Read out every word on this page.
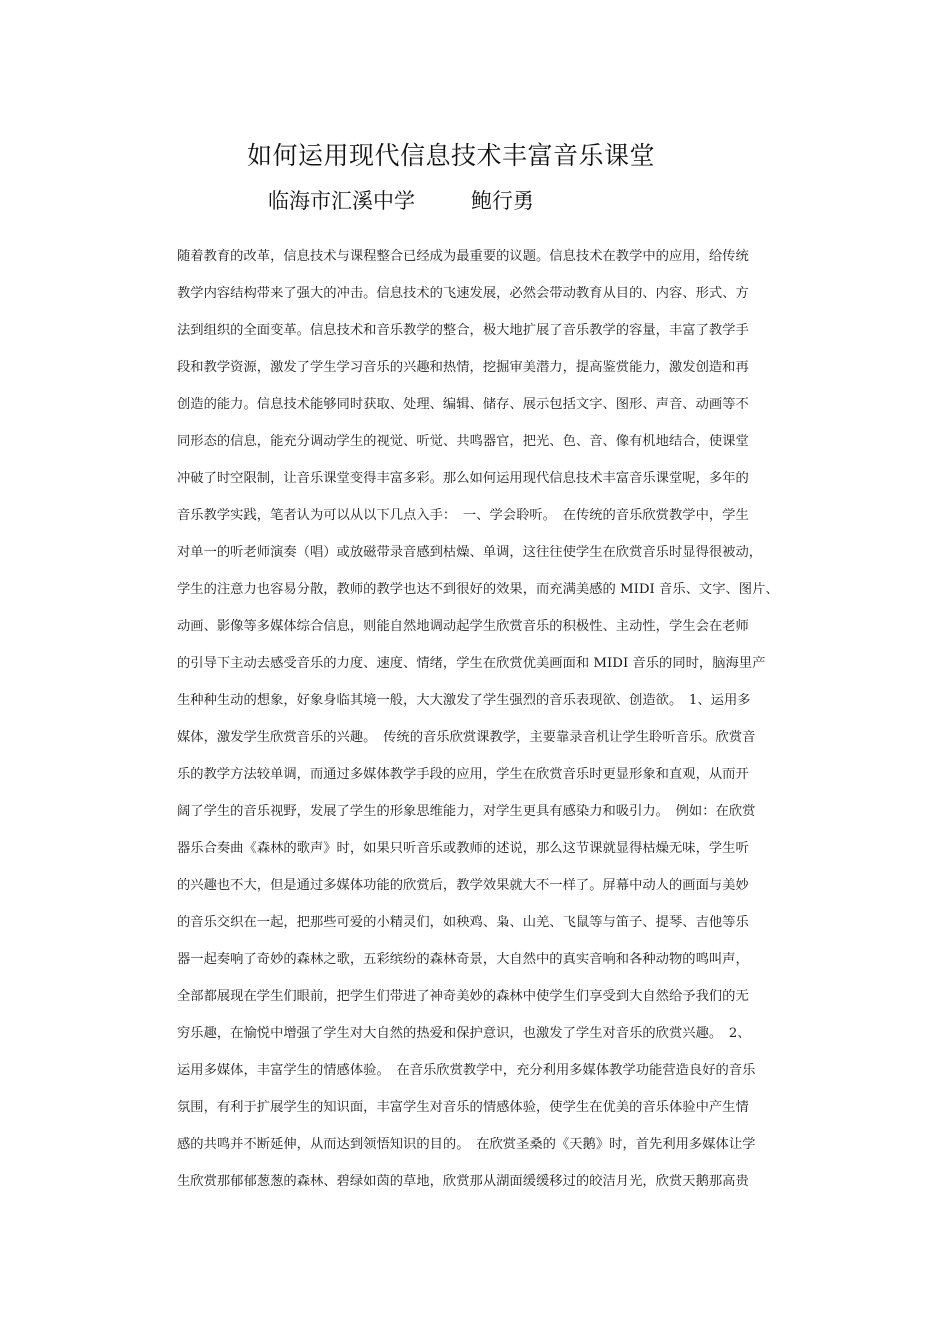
如何运用现代信息技术丰富音乐课堂
临海市汇溪中学	鲍行勇
随着教育的改革，信息技术与课程整合已经成为最重要的议题。信息技术在教学中的应用，给传统
教学内容结构带来了强大的冲击。信息技术的飞速发展，必然会带动教育从目的、内容、形式、方
法到组织的全面变革。信息技术和音乐教学的整合，极大地扩展了音乐教学的容量，丰富了教学手
段和教学资源，激发了学生学习音乐的兴趣和热情，挖掘审美潜力，提高鉴赏能力，激发创造和再
创造的能力。信息技术能够同时获取、处理、编辑、储存、展示包括文字、图形、声音、动画等不
同形态的信息，能充分调动学生的视觉、听觉、共鸣器官，把光、色、音、像有机地结合，使课堂
冲破了时空限制，让音乐课堂变得丰富多彩。那么如何运用现代信息技术丰富音乐课堂呢，多年的
音乐教学实践，笔者认为可以从以下几点入手：　一、学会聆听。　在传统的音乐欣赏教学中，学生
对单一的听老师演奏（唱）或放磁带录音感到枯燥、单调，这往往使学生在欣赏音乐时显得很被动，
学生的注意力也容易分散，教师的教学也达不到很好的效果，而充满美感的 MIDI 音乐、文字、图片、
动画、影像等多媒体综合信息，则能自然地调动起学生欣赏音乐的积极性、主动性，学生会在老师
的引导下主动去感受音乐的力度、速度、情绪，学生在欣赏优美画面和 MIDI 音乐的同时，脑海里产
生种种生动的想象，好象身临其境一般，大大激发了学生强烈的音乐表现欲、创造欲。　1、运用多
媒体，激发学生欣赏音乐的兴趣。　传统的音乐欣赏课教学，主要靠录音机让学生聆听音乐。欣赏音
乐的教学方法较单调，而通过多媒体教学手段的应用，学生在欣赏音乐时更显形象和直观，从而开
阔了学生的音乐视野，发展了学生的形象思维能力，对学生更具有感染力和吸引力。　例如：在欣赏
器乐合奏曲《森林的歌声》时，如果只听音乐或教师的述说，那么这节课就显得枯燥无味，学生听
的兴趣也不大，但是通过多媒体功能的欣赏后，教学效果就大不一样了。屏幕中动人的画面与美妙
的音乐交织在一起，把那些可爱的小精灵们，如秧鸡、枭、山羌、飞鼠等与笛子、提琴、吉他等乐
器一起奏响了奇妙的森林之歌，五彩缤纷的森林奇景，大自然中的真实音响和各种动物的鸣叫声，
全部都展现在学生们眼前，把学生们带进了神奇美妙的森林中使学生们享受到大自然给予我们的无
穷乐趣，在愉悦中增强了学生对大自然的热爱和保护意识，也激发了学生对音乐的欣赏兴趣。　2、
运用多媒体，丰富学生的情感体验。　在音乐欣赏教学中，充分利用多媒体教学功能营造良好的音乐
氛围，有利于扩展学生的知识面，丰富学生对音乐的情感体验，使学生在优美的音乐体验中产生情
感的共鸣并不断延伸，从而达到领悟知识的目的。　在欣赏圣桑的《天鹅》时，首先利用多媒体让学
生欣赏那郁郁葱葱的森林、碧绿如茵的草地，欣赏那从湖面缓缓移过的皎洁月光，欣赏天鹅那高贵
